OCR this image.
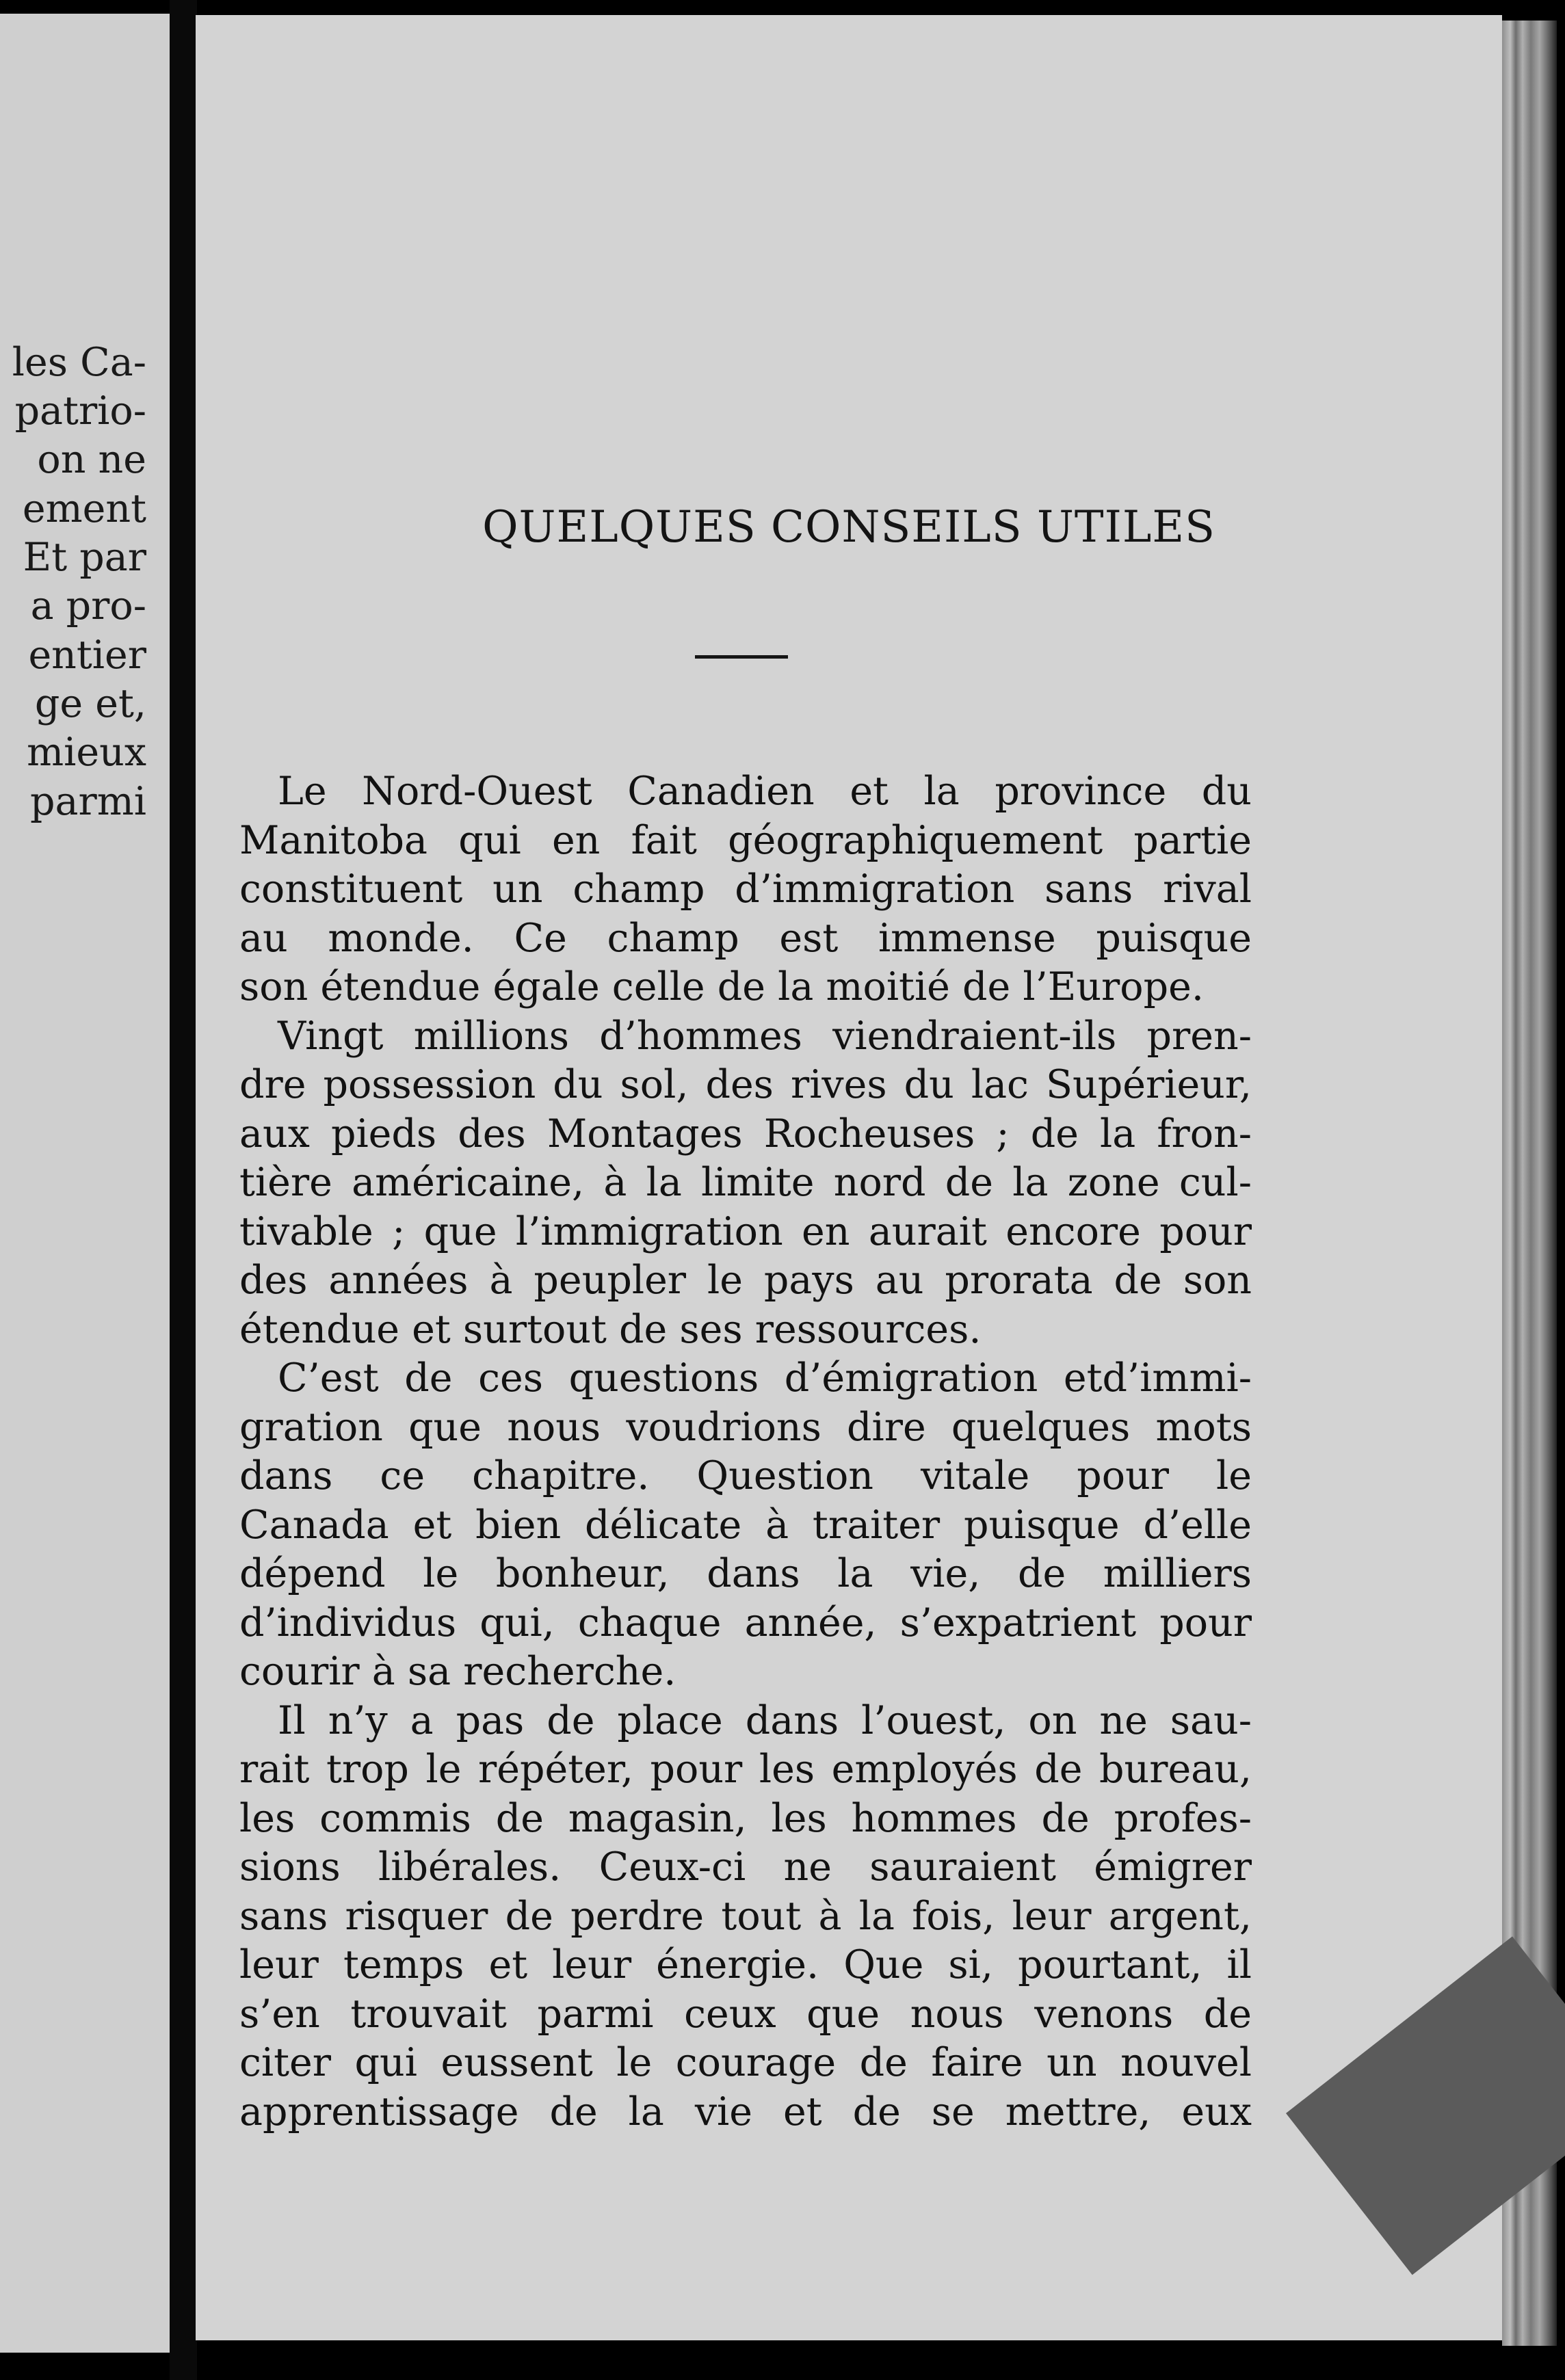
les Ca-
patrio-
on ne
ement
Et par
a pro-
entier
ge et,
mieux
parmi
QUELQUES CONSEILS UTILES
Le Nord-Ouest Canadien et la province du
Manitoba qui en fait géographiquement partie
constituent un champ d’immigration sans rival
au monde. Ce champ est immense puisque
son étendue égale celle de la moitié de l’Europe.
Vingt millions d’hommes viendraient-ils pren-
dre possession du sol, des rives du lac Supérieur,
aux pieds des Montages Rocheuses ; de la fron-
tière américaine, à la limite nord de la zone cul-
tivable ; que l’immigration en aurait encore pour
des années à peupler le pays au prorata de son
étendue et surtout de ses ressources.
C’est de ces questions d’émigration etd’immi-
gration que nous voudrions dire quelques mots
dans ce chapitre. Question vitale pour le
Canada et bien délicate à traiter puisque d’elle
dépend le bonheur, dans la vie, de milliers
d’individus qui, chaque année, s’expatrient pour
courir à sa recherche.
Il n’y a pas de place dans l’ouest, on ne sau-
rait trop le répéter, pour les employés de bureau,
les commis de magasin, les hommes de profes-
sions libérales. Ceux-ci ne sauraient émigrer
sans risquer de perdre tout à la fois, leur argent,
leur temps et leur énergie. Que si, pourtant, il
s’en trouvait parmi ceux que nous venons de
citer qui eussent le courage de faire un nouvel
apprentissage de la vie et de se mettre, eux
